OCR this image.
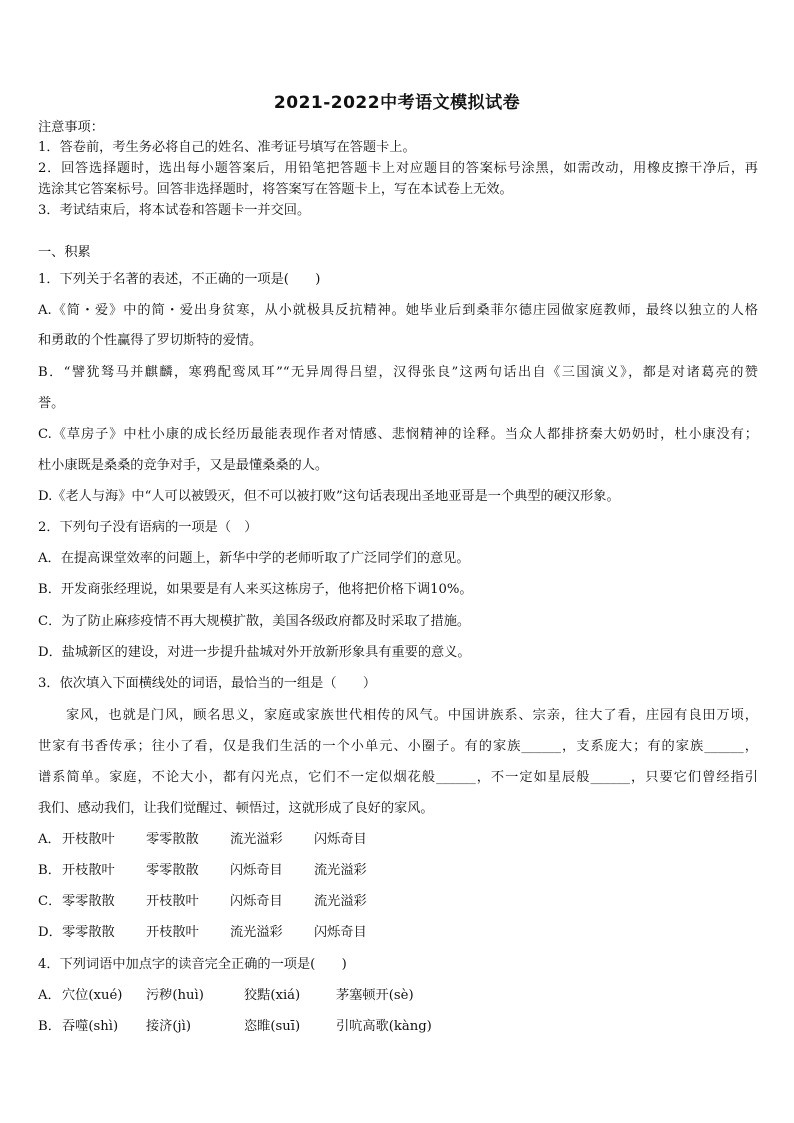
2021-2022中考语文模拟试卷
注意事项：
1．答卷前，考生务必将自己的姓名、准考证号填写在答题卡上。
2．回答选择题时，选出每小题答案后，用铅笔把答题卡上对应题目的答案标号涂黑，如需改动，用橡皮擦干净后，再
选涂其它答案标号。回答非选择题时，将答案写在答题卡上，写在本试卷上无效。
3．考试结束后，将本试卷和答题卡一并交回。
一、积累
1．下列关于名著的表述，不正确的一项是(　　)
A.《简・爱》中的简・爱出身贫寒，从小就极具反抗精神。她毕业后到桑菲尔德庄园做家庭教师，最终以独立的人格
和勇敢的个性赢得了罗切斯特的爱情。
B．“譬犹驽马并麒麟，寒鸦配鸾凤耳”“无异周得吕望，汉得张良”这两句话出自《三国演义》，都是对诸葛亮的赞
誉。
C.《草房子》中杜小康的成长经历最能表现作者对情感、悲悯精神的诠释。当众人都排挤秦大奶奶时，杜小康没有；
杜小康既是桑桑的竞争对手，又是最懂桑桑的人。
D.《老人与海》中“人可以被毁灭，但不可以被打败”这句话表现出圣地亚哥是一个典型的硬汉形象。
2．下列句子没有语病的一项是（　）
A．在提高课堂效率的问题上，新华中学的老师听取了广泛同学们的意见。
B．开发商张经理说，如果要是有人来买这栋房子，他将把价格下调10%。
C．为了防止麻疹疫情不再大规模扩散，美国各级政府都及时采取了措施。
D．盐城新区的建设，对进一步提升盐城对外开放新形象具有重要的意义。
3．依次填入下面横线处的词语，最恰当的一组是（　　）
家风，也就是门风，顾名思义，家庭或家族世代相传的风气。中国讲族系、宗亲，往大了看，庄园有良田万顷，
世家有书香传承；往小了看，仅是我们生活的一个小单元、小圈子。有的家族______，支系庞大；有的家族______，
谱系简单。家庭，不论大小，都有闪光点，它们不一定似烟花般______，不一定如星辰般______，只要它们曾经指引
我们、感动我们，让我们觉醒过、顿悟过，这就形成了良好的家风。
A． 开枝散叶 零零散散 流光溢彩 闪烁奇目
B． 开枝散叶 零零散散 闪烁奇目 流光溢彩
C． 零零散散 开枝散叶 闪烁奇目 流光溢彩
D． 零零散散 开枝散叶 流光溢彩 闪烁奇目
4．下列词语中加点字的读音完全正确的一项是(　　)
A． 穴位(xué) 污秽(huì)	狡黠(xiá)	茅塞顿开(sè)
B． 吞噬(shì) 接济(jì)	恣睢(suī)	引吭高歌(kàng)
